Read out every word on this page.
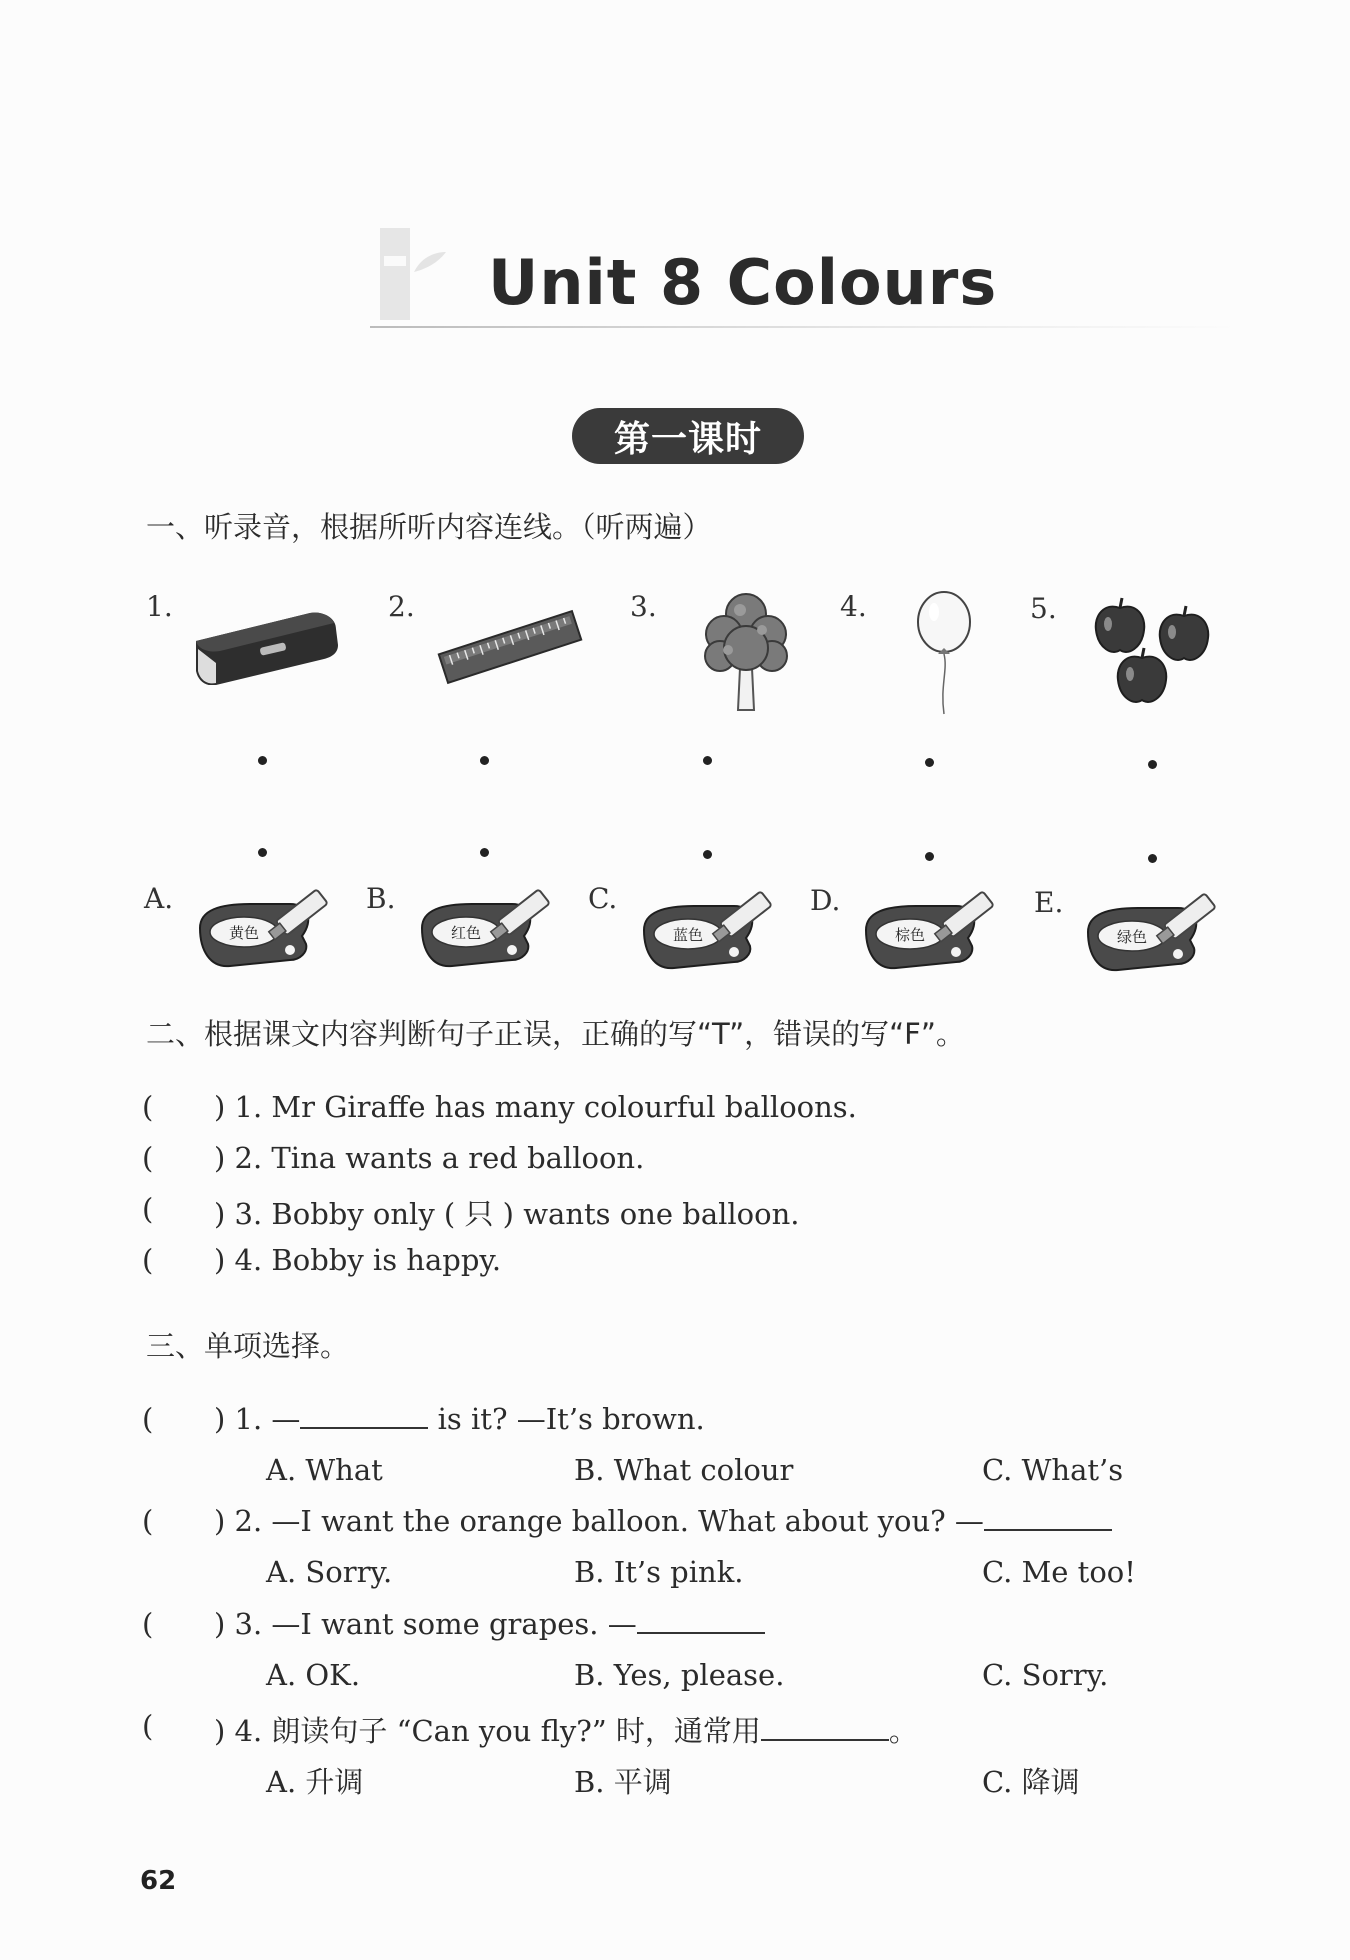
Unit 8 Colours
第一课时
一、听录音，根据所听内容连线。（听两遍）
1.	2.	3.	4.	5.
A.	B.	C.	D.	E.
黄色	红色	蓝色	棕色	绿色
二、根据课文内容判断句子正误，正确的写“T”，错误的写“F”。
( ) 1. Mr Giraffe has many colourful balloons.
( ) 2. Tina wants a red balloon.
( ) 3. Bobby only ( 只 ) wants one balloon.
( ) 4. Bobby is happy.
三、单项选择。
( ) 1. —	is it? —It’s brown.
A. What	B. What colour	C. What’s
( ) 2. —I want the orange balloon. What about you? —
A. Sorry.	B. It’s pink.	C. Me too!
( ) 3. —I want some grapes. —
A. OK.	B. Yes, please.	C. Sorry.
( ) 4. 朗读句子 “Can you fly?” 时，通常用	。
A. 升调	B. 平调	C. 降调
62
